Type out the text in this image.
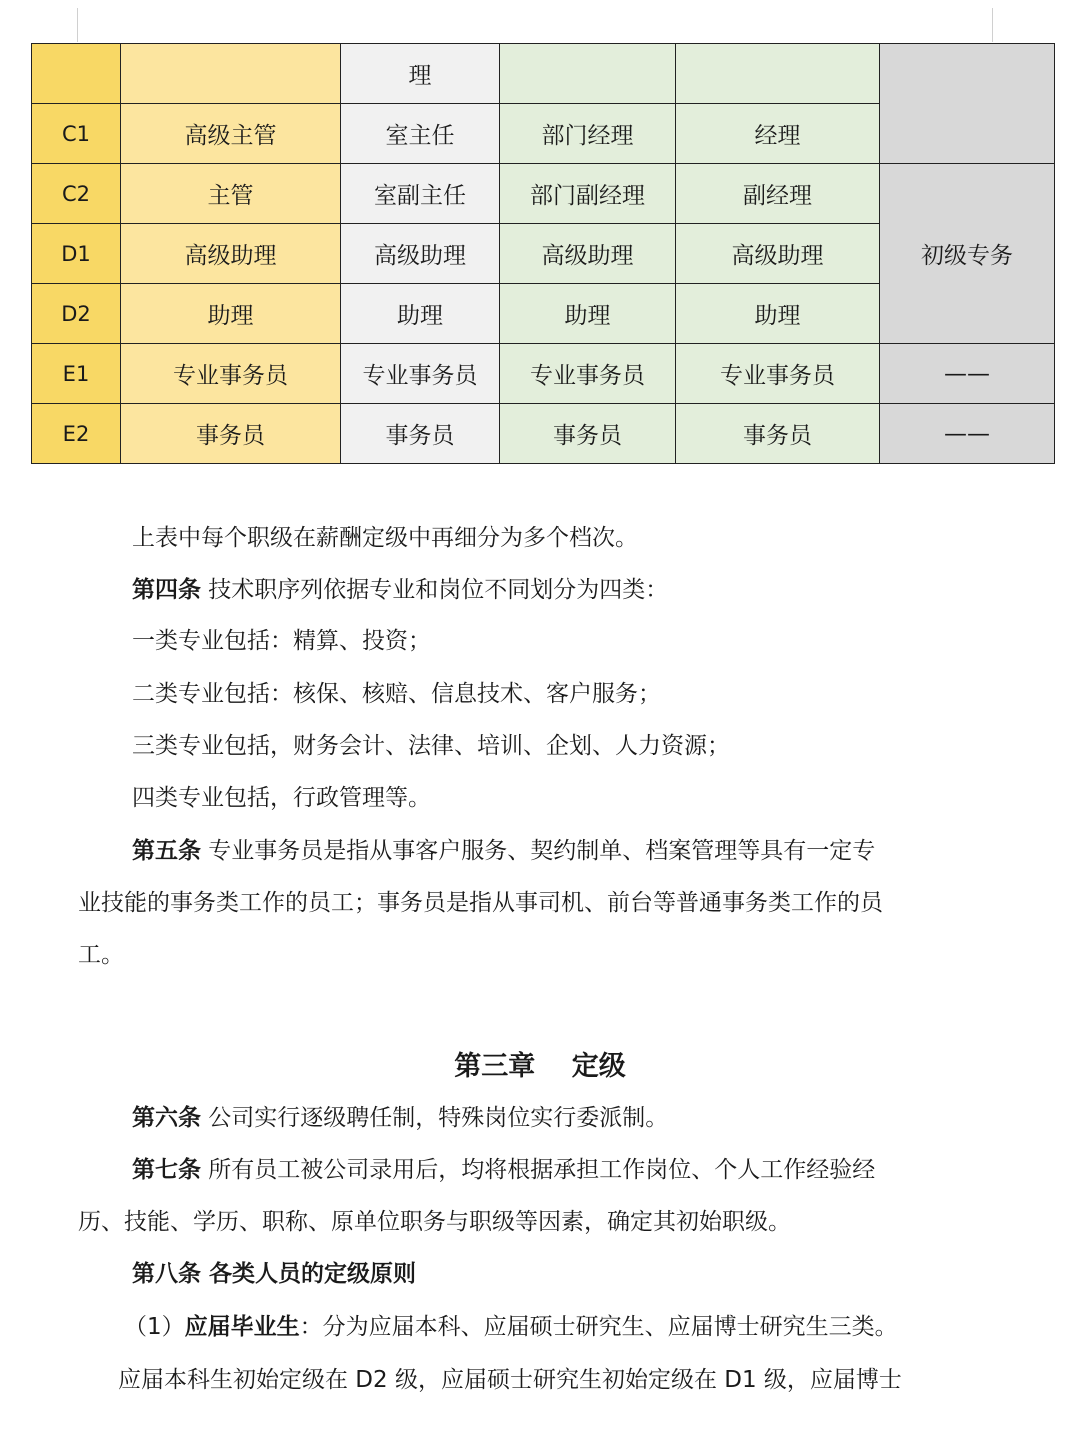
		理			
C1	高级主管	室主任	部门经理	经理	
C2	主管	室副主任	部门副经理	副经理	初级专务
D1	高级助理	高级助理	高级助理	高级助理	
D2	助理	助理	助理	助理	
E1	专业事务员	专业事务员	专业事务员	专业事务员	——
E2	事务员	事务员	事务员	事务员	——
上表中每个职级在薪酬定级中再细分为多个档次。
第四条 技术职序列依据专业和岗位不同划分为四类：
一类专业包括：精算、投资；
二类专业包括：核保、核赔、信息技术、客户服务；
三类专业包括，财务会计、法律、培训、企划、人力资源；
四类专业包括，行政管理等。
第五条 专业事务员是指从事客户服务、契约制单、档案管理等具有一定专
业技能的事务类工作的员工；事务员是指从事司机、前台等普通事务类工作的员
工。
第三章　 定级
第六条 公司实行逐级聘任制，特殊岗位实行委派制。
第七条 所有员工被公司录用后，均将根据承担工作岗位、个人工作经验经
历、技能、学历、职称、原单位职务与职级等因素，确定其初始职级。
第八条 各类人员的定级原则
（1）应届毕业生：分为应届本科、应届硕士研究生、应届博士研究生三类。
应届本科生初始定级在 D2 级，应届硕士研究生初始定级在 D1 级，应届博士
